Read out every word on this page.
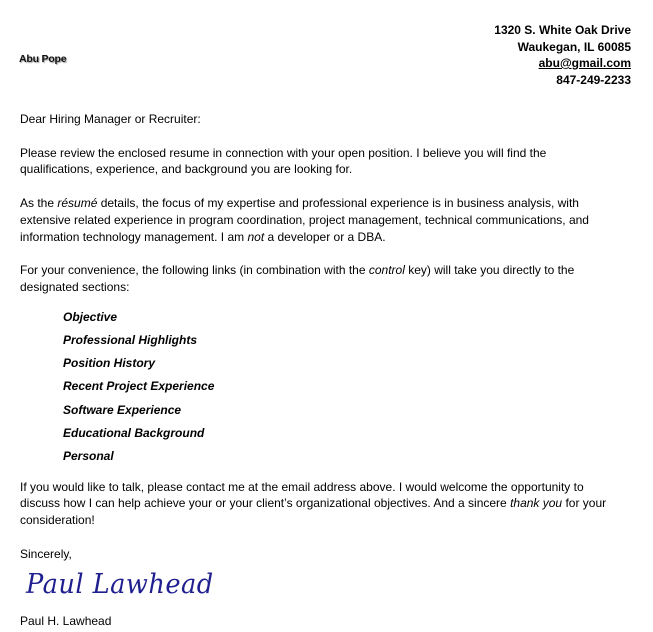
1320 S. White Oak Drive
Waukegan, IL 60085
abu@gmail.com
847-249-2233
Abu Pope

Dear Hiring Manager or Recruiter:

Please review the enclosed resume in connection with your open position. I believe you will find the qualifications, experience, and background you are looking for.

As the résumé details, the focus of my expertise and professional experience is in business analysis, with extensive related experience in program coordination, project management, technical communications, and information technology management. I am not a developer or a DBA.

For your convenience, the following links (in combination with the control key) will take you directly to the designated sections:

Objective
Professional Highlights
Position History
Recent Project Experience
Software Experience
Educational Background
Personal

If you would like to talk, please contact me at the email address above. I would welcome the opportunity to discuss how I can help achieve your or your client’s organizational objectives. And a sincere thank you for your consideration!

Sincerely,

Paul Lawhead
Paul H. Lawhead
